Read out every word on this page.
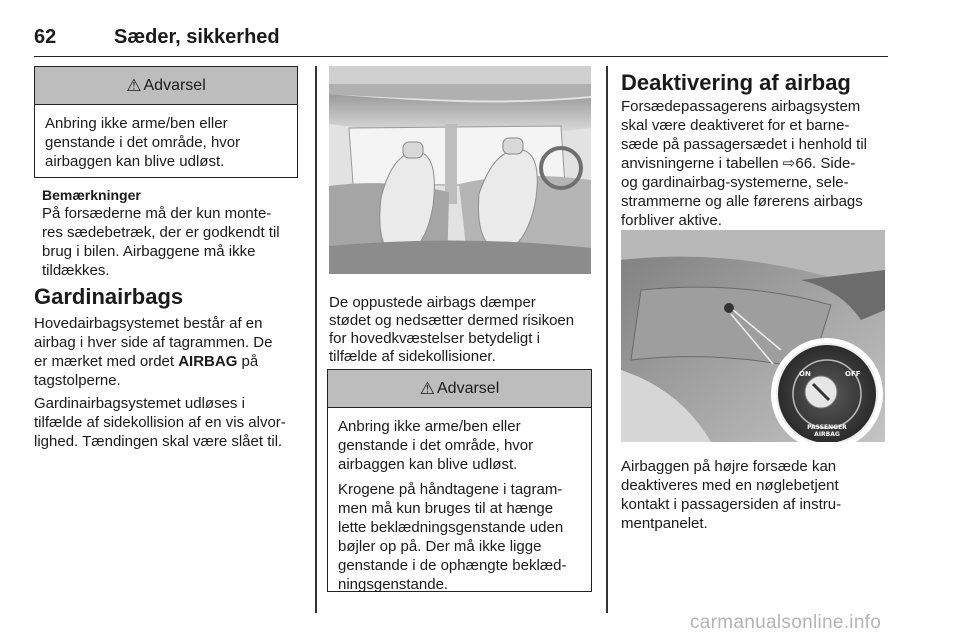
62	Sæder, sikkerhed
⚠ Advarsel

Anbring ikke arme/ben eller genstande i det område, hvor airbaggen kan blive udløst.

Bemærkninger

På forsæderne må der kun monte-

res sædebetræk, der er godkendt til

brug i bilen. Airbaggene må ikke

tildækkes.

Gardinairbags

Hovedairbagsystemet består af en

airbag i hver side af tagrammen. De

er mærket med ordet AIRBAG på

tagstolperne.

Gardinairbagsystemet udløses i

tilfælde af sidekollision af en vis alvor-

lighed. Tændingen skal være slået til.

De oppustede airbags dæmper

stødet og nedsætter dermed risikoen

for hovedkvæstelser betydeligt i

tilfælde af sidekollisioner.

⚠ Advarsel

Anbring ikke arme/ben eller genstande i det område, hvor airbaggen kan blive udløst.

Krogene på håndtagene i tagram-men må kun bruges til at hænge lette beklædningsgenstande uden bøjler op på. Der må ikke ligge genstande i de ophængte beklæd-ningsgenstande.

Deaktivering af airbag

Forsædepassagerens airbagsystem

skal være deaktiveret for et barne-

sæde på passagersædet i henhold til

anvisningerne i tabellen ⇨66. Side-

og gardinairbag-systemerne, sele-

strammerne og alle førerens airbags

forbliver aktive.

ON	OFF
PASSENGER
AIRBAG

Airbaggen på højre forsæde kan

deaktiveres med en nøglebetjent

kontakt i passagersiden af instru-

mentpanelet.

carmanualsonline.info
